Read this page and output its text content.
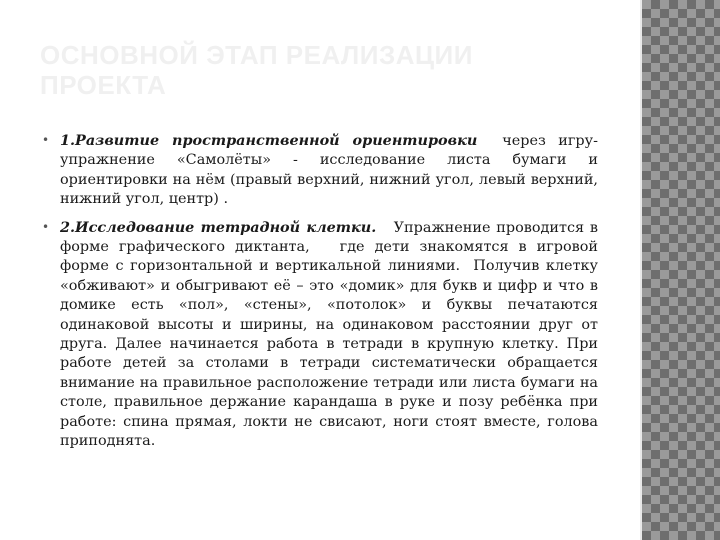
ОСНОВНОЙ ЭТАП РЕАЛИЗАЦИИ ПРОЕКТА

• 1.Развитие пространственной ориентировки  через игру-упражнение «Самолёты» - исследование листа бумаги и ориентировки на нём (правый верхний, нижний угол, левый верхний, нижний угол, центр) .

• 2.Исследование тетрадной клетки.   Упражнение проводится в форме графического диктанта,   где дети знакомятся в игровой форме с горизонтальной и вертикальной линиями.  Получив клетку «обживают» и обыгривают её – это «домик» для букв и цифр и что в домике есть «пол», «стены», «потолок» и буквы печатаются одинаковой высоты и ширины, на одинаковом расстоянии друг от друга. Далее начинается работа в тетради в крупную клетку. При работе детей за столами в тетради систематически обращается внимание на правильное расположение тетради или листа бумаги на столе, правильное держание карандаша в руке и позу ребёнка при работе: спина прямая, локти не свисают, ноги стоят вместе, голова приподнята.
